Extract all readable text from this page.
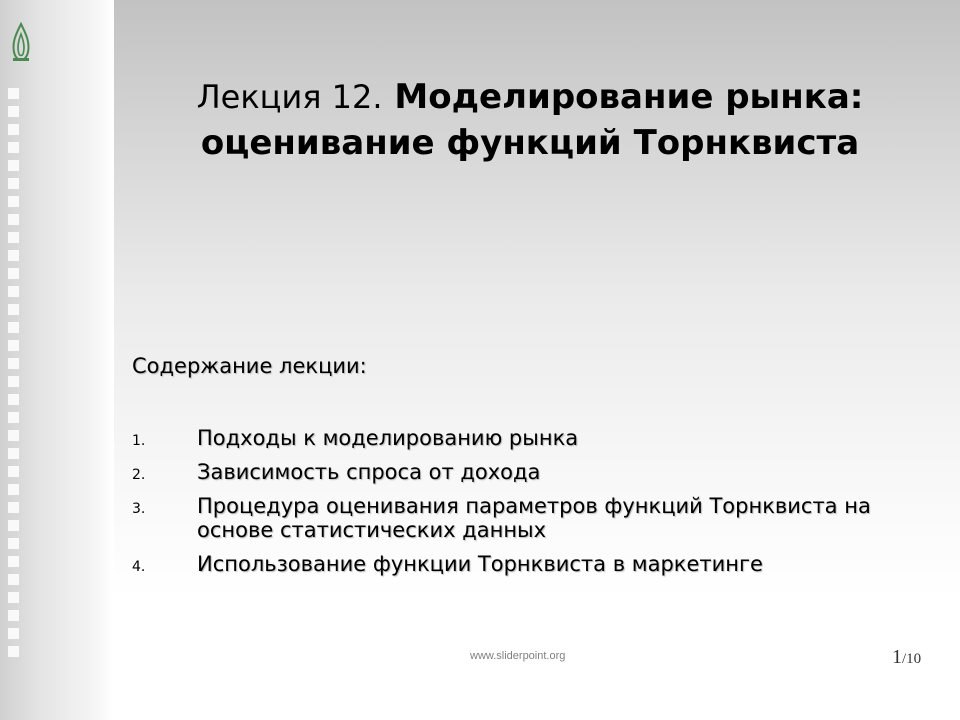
Лекция 12. Моделирование рынка:
оценивание функций Торнквиста

Содержание лекции:

1. Подходы к моделированию рынка
2. Зависимость спроса от дохода
3. Процедура оценивания параметров функций Торнквиста на основе статистических данных
4. Использование функции Торнквиста в маркетинге
www.sliderpoint.org	1/10
